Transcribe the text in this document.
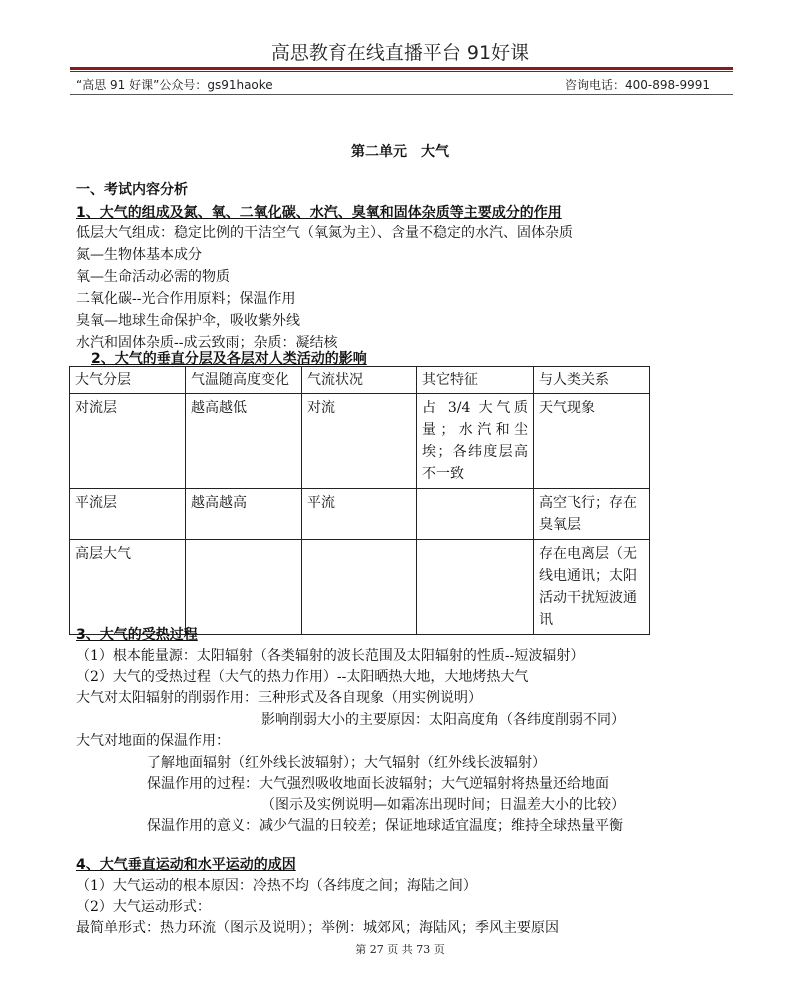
高思教育在线直播平台 91好课
“高思 91 好课”公众号：gs91haoke	咨询电话：400-898-9991
第二单元　大气
一、考试内容分析
1、大气的组成及氮、氧、二氧化碳、水汽、臭氧和固体杂质等主要成分的作用
低层大气组成：稳定比例的干洁空气（氧氮为主）、含量不稳定的水汽、固体杂质
氮—生物体基本成分
氧—生命活动必需的物质
二氧化碳--光合作用原料；保温作用
臭氧—地球生命保护伞，吸收紫外线
水汽和固体杂质--成云致雨；杂质：凝结核
2、大气的垂直分层及各层对人类活动的影响
大气分层	气温随高度变化	气流状况	其它特征	与人类关系
对流层	越高越低	对流	占 3/4 大气质量；水汽和尘埃；各纬度层高不一致	天气现象
平流层	越高越高	平流		高空飞行；存在臭氧层
高层大气				存在电离层（无线电通讯；太阳活动干扰短波通讯
3、大气的受热过程
（1）根本能量源：太阳辐射（各类辐射的波长范围及太阳辐射的性质--短波辐射）
（2）大气的受热过程（大气的热力作用）--太阳晒热大地，大地烤热大气
大气对太阳辐射的削弱作用：三种形式及各自现象（用实例说明）
影响削弱大小的主要原因：太阳高度角（各纬度削弱不同）
大气对地面的保温作用：
了解地面辐射（红外线长波辐射）；大气辐射（红外线长波辐射）
保温作用的过程：大气强烈吸收地面长波辐射；大气逆辐射将热量还给地面
（图示及实例说明—如霜冻出现时间；日温差大小的比较）
保温作用的意义：减少气温的日较差；保证地球适宜温度；维持全球热量平衡
4、大气垂直运动和水平运动的成因
（1）大气运动的根本原因：冷热不均（各纬度之间；海陆之间）
（2）大气运动形式：
最简单形式：热力环流（图示及说明）；举例：城郊风；海陆风；季风主要原因
第 27 页 共 73 页
